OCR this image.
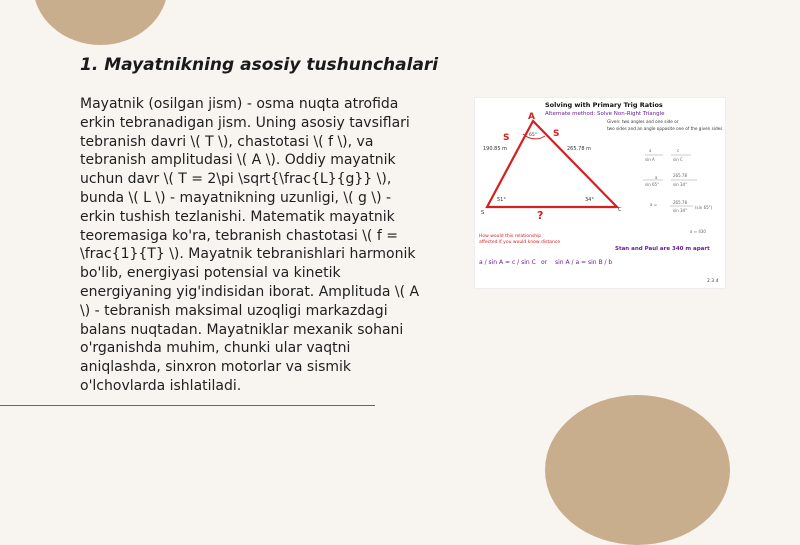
1. Mayatnikning asosiy tushunchalari

Mayatnik (osilgan jism) - osma nuqta atrofida erkin tebranadigan jism. Uning asosiy tavsiflari tebranish davri \( T \), chastotasi \( f \), va tebranish amplitudasi \( A \). Oddiy mayatnik uchun davr \( T = 2\pi \sqrt{\frac{L}{g}} \), bunda \( L \) - mayatnikning uzunligi, \( g \) - erkin tushish tezlanishi. Matematik mayatnik teoremasiga ko'ra, tebranish chastotasi \( f = \frac{1}{T} \). Mayatnik tebranishlari harmonik bo'lib, energiyasi potensial va kinetik energiyaning yig'indisidan iborat. Amplituda \( A \) - tebranish maksimal uzoqligi markazdagi balans nuqtadan. Mayatniklar mexanik sohani o'rganishda muhim, chunki ular vaqtni aniqlashda, sinxron motorlar va sismik o'lchovlarda ishlatiladi.

Solving with Primary Trig Ratios
Alternate method: Solve Non-Right Triangle
Given: two angles and one side or
two sides and an angle opposite one of the given sides
A
S	S
65°
190.85 m	265.78 m
51°	34°
S	C
?
a	c
sin A	sin C
a	265.78
sin 65°	sin 34°
a =	265.78
sin 34°
(sin 65°)
a ≈ 430
How would this relationship
affected if you would know distance
a / sin A = c / sin C or sin A / a = sin B / b
Stan and Paul are 340 m apart
2.3.4
